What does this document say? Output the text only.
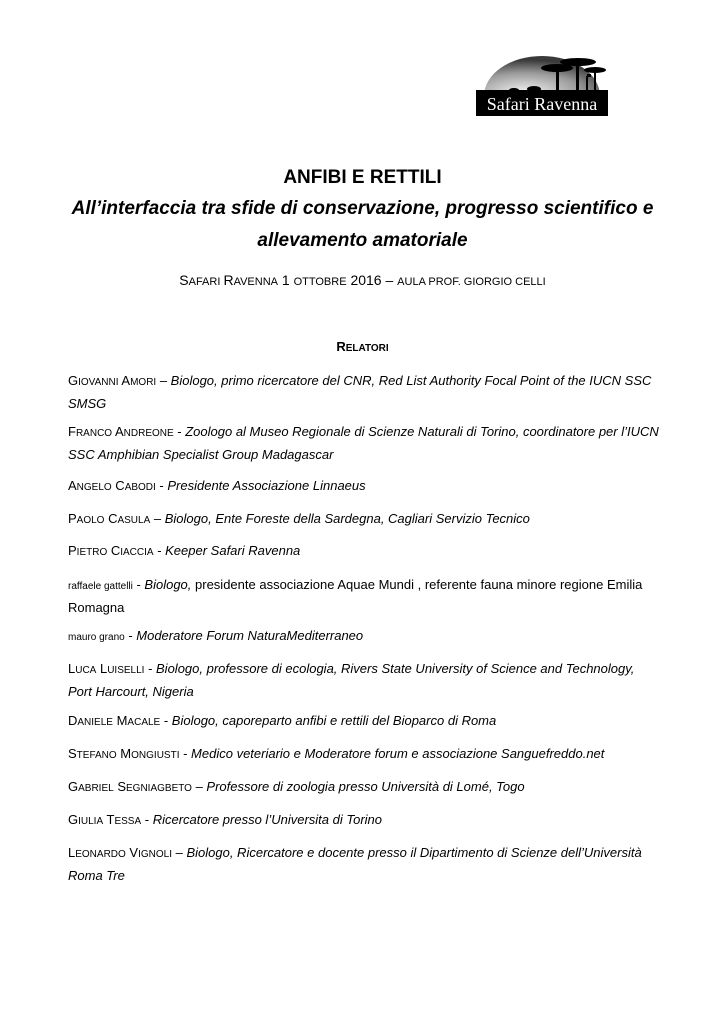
Safari Ravenna
ANFIBI E RETTILI
All’interfaccia tra sfide di conservazione, progresso scientifico e allevamento amatoriale
SAFARI RAVENNA 1 OTTOBRE 2016 – AULA PROF. GIORGIO CELLI
RELATORI
GIOVANNI AMORI – Biologo, primo ricercatore del CNR, Red List Authority Focal Point of the IUCN SSC SMSG
FRANCO ANDREONE - Zoologo al Museo Regionale di Scienze Naturali di Torino, coordinatore per l’IUCN SSC Amphibian Specialist Group Madagascar
ANGELO CABODI - Presidente Associazione Linnaeus
PAOLO CASULA – Biologo, Ente Foreste della Sardegna, Cagliari Servizio Tecnico
PIETRO CIACCIA - Keeper Safari Ravenna
raffaele gattelli - Biologo, presidente associazione Aquae Mundi , referente fauna minore regione Emilia Romagna
mauro grano - Moderatore Forum NaturaMediterraneo
LUCA LUISELLI - Biologo, professore di ecologia, Rivers State University of Science and Technology, Port Harcourt, Nigeria
DANIELE MACALE - Biologo, caporeparto anfibi e rettili del Bioparco di Roma
STEFANO MONGIUSTI - Medico veteriario e Moderatore forum e associazione Sanguefreddo.net
GABRIEL SEGNIAGBETO – Professore di zoologia presso Università di Lomé, Togo
GIULIA TESSA - Ricercatore presso l’Universita di Torino
LEONARDO VIGNOLI – Biologo, Ricercatore e docente presso il Dipartimento di Scienze dell’Università Roma Tre
